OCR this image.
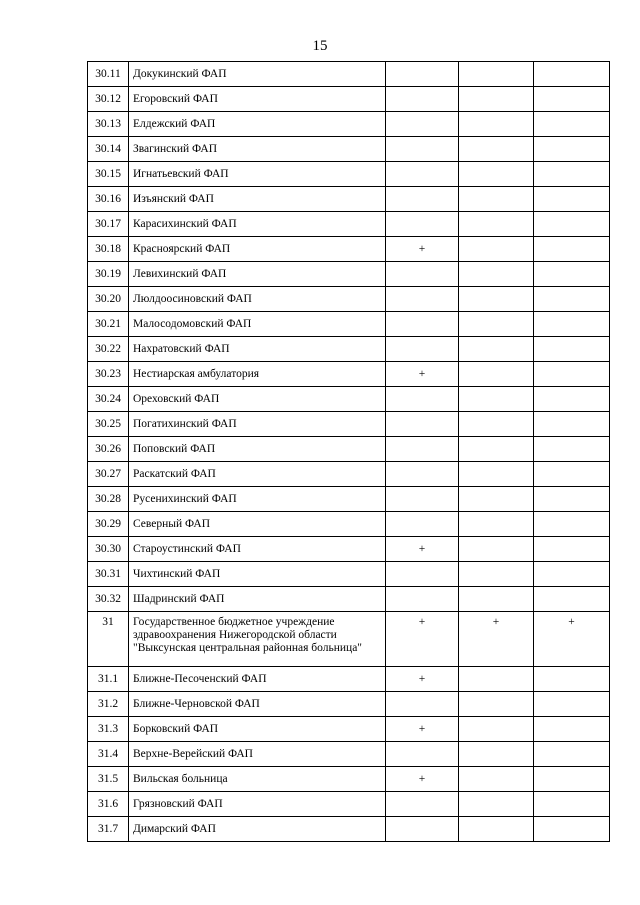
15
30.11	Докукинский ФАП			
30.12	Егоровский ФАП			
30.13	Елдежский ФАП			
30.14	Звагинский ФАП			
30.15	Игнатьевский ФАП			
30.16	Изъянский ФАП			
30.17	Карасихинский ФАП			
30.18	Красноярский ФАП	+		
30.19	Левихинский ФАП			
30.20	Люлдоосиновский ФАП			
30.21	Малосодомовский ФАП			
30.22	Нахратовский ФАП			
30.23	Нестиарская амбулатория	+		
30.24	Ореховский ФАП			
30.25	Погатихинский ФАП			
30.26	Поповский ФАП			
30.27	Раскатский ФАП			
30.28	Русенихинский ФАП			
30.29	Северный ФАП			
30.30	Староустинский ФАП	+		
30.31	Чихтинский ФАП			
30.32	Шадринский ФАП			
31	Государственное бюджетное учреждение здравоохранения Нижегородской области "Выксунская центральная районная больница"	+	+	+
31.1	Ближне-Песоченский ФАП	+		
31.2	Ближне-Черновской ФАП			
31.3	Борковский ФАП	+		
31.4	Верхне-Верейский ФАП			
31.5	Вильская больница	+		
31.6	Грязновский ФАП			
31.7	Димарский ФАП			
